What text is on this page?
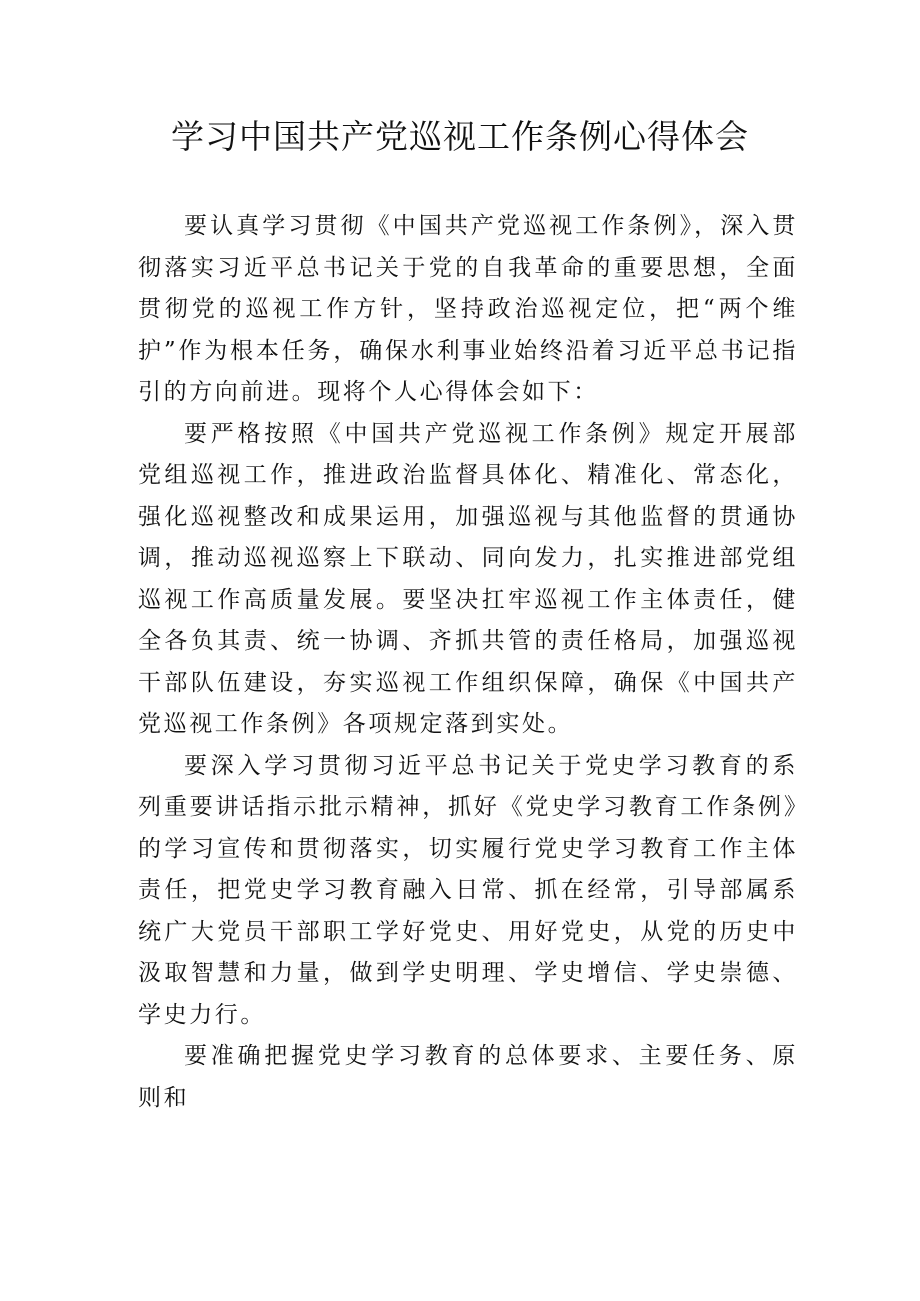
学习中国共产党巡视工作条例心得体会

要认真学习贯彻《中国共产党巡视工作条例》，深入贯彻落实习近平总书记关于党的自我革命的重要思想，全面贯彻党的巡视工作方针，坚持政治巡视定位，把“两个维护”作为根本任务，确保水利事业始终沿着习近平总书记指引的方向前进。现将个人心得体会如下：

要严格按照《中国共产党巡视工作条例》规定开展部党组巡视工作，推进政治监督具体化、精准化、常态化，强化巡视整改和成果运用，加强巡视与其他监督的贯通协调，推动巡视巡察上下联动、同向发力，扎实推进部党组巡视工作高质量发展。要坚决扛牢巡视工作主体责任，健全各负其责、统一协调、齐抓共管的责任格局，加强巡视干部队伍建设，夯实巡视工作组织保障，确保《中国共产党巡视工作条例》各项规定落到实处。

要深入学习贯彻习近平总书记关于党史学习教育的系列重要讲话指示批示精神，抓好《党史学习教育工作条例》的学习宣传和贯彻落实，切实履行党史学习教育工作主体责任，把党史学习教育融入日常、抓在经常，引导部属系统广大党员干部职工学好党史、用好党史，从党的历史中汲取智慧和力量，做到学史明理、学史增信、学史崇德、学史力行。

要准确把握党史学习教育的总体要求、主要任务、原则和
